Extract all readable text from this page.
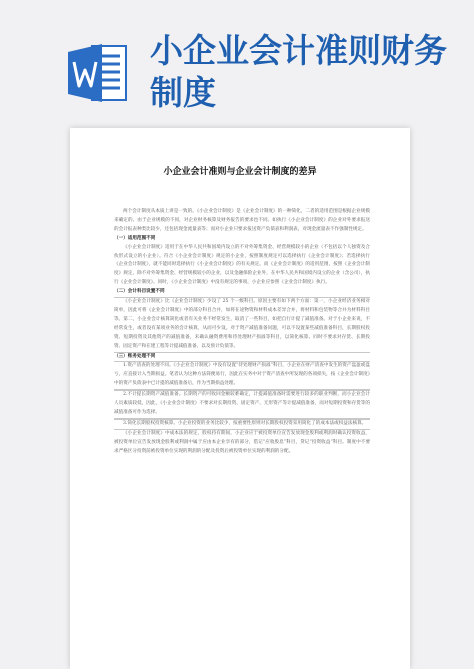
小企业会计准则财务制度
小企业会计准则与企业会计制度的差异

两个会计制度从本质上讲是一致的。《小企业会计制度》是《企业会计制度》的一种简化，二者的适用范围是根据企业规模来确定的。由于企业规模的不同，对企业财务核算及财务报告的要求也不同。如执行《小企业会计制度》的企业对外要求报送的会计报表种类比较少，还包括现金流量表等；而对小企业只要求报送资产负债表和利润表，对现金流量表不作强制性规定。

（一）适用范围不同

《小企业会计制度》适用于在中华人民共和国境内设立的不对外筹集资金、经营规模较小的企业（不包括以个人独资及合伙形式设立的小企业）。符合《小企业会计制度》规定的小企业，按照制度规定可以选择执行《企业会计制度》；若选择执行《企业会计制度》，就不能同时选择执行《小企业会计制度》的有关规定。而《企业会计制度》的适用范围，按照《企业会计制度》规定，除不对外筹集资金、经营规模较小的企业，以及金融保险企业外，在中华人民共和国境内设立的企业（含公司），执行《企业会计制度》。同时，《小企业会计制度》中没有规定的事项，小企业应参照《企业会计制度》执行。

（二）会计科目设置不同

《小企业会计制度》比《企业会计制度》少设了 25 个一级科目。原因主要有如下两个方面：第一，小企业经济业务相对简单，因此可将《企业会计制度》中的部分科目合并，如将在途物资和材料成本差异合并，将材料和包装物等合并为材料科目等。第二，小企业会计核算简化或者有关业务不经常发生，取消了一些科目，如把自行计提了减值准备。对于小企业来说，不经常发生，或者没有某项业务的会计核算，从而可少设。对于资产减值准备问题，可以不设置某些减值准备科目，长期股权投资、短期投资及其他资产的减值准备，未确认融资费用和待处理财产损溢等科目，以简化核算。同时不要求对存货、长期投资、固定资产和在建工程等计提减值准备，以及预计负债等。

（三）账务处理不同

1.资产清查的处理不同。《小企业会计制度》中没有设置“待处理财产损溢”科目，小企业在财产清查中发生的资产盘盈或盘亏，应直接计入当期损益。笔者认为这种方法简便易行，因此在实务中对于资产清查中所发现的各项损失，按《企业会计制度》中的资产负债表中已计提的减值准备后，作为当期损益处理。

2.不计提长期资产减值准备。长期资产的可收回金额较难确定，计提减值准备时需要进行较多的职业判断，而小企业会计人员素质较低，因此，《小企业会计制度》不要求对长期投资、固定资产、无形资产等计提减值准备，而对短期投资和存货等的减值准备可作为选择。

3.简化长期股权投资核算。小企业投资的业务比较少，按重要性原则对长期股权投资采用简化了的成本法或权益法核算。

《小企业会计制度》中成本法的规定，股权持有期间，小企业应于被投资单位宣告发放现金股利或利润时确认投资收益，被投资单位宣告发放现金股利或利润中属于应由本企业享有的部分，借记“应收股息”科目，贷记“投资收益”科目。制度中不要求严格区分投资前被投资单位实现的利润的分配及投资后被投资单位实现的利润的分配。
